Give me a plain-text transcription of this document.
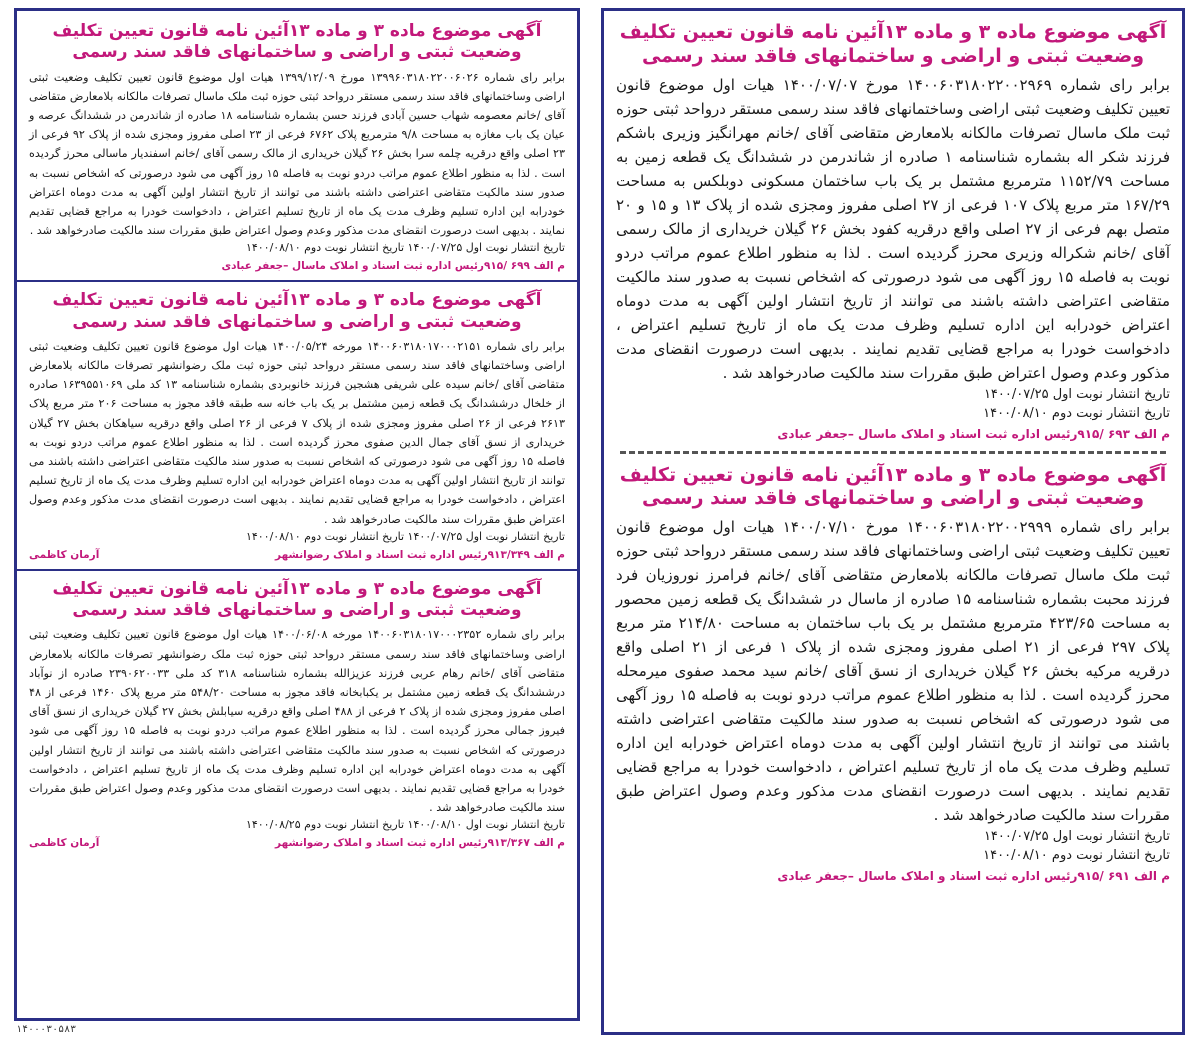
آگهی موضوع ماده ۳ و ماده ۱۳آئین نامه قانون تعیین تکلیف وضعیت ثبتی و اراضی و ساختمانهای فاقد سند رسمی

برابر رای شماره ۱۴۰۰۶۰۳۱۸۰۲۲۰۰۲۹۶۹ مورخ ۱۴۰۰/۰۷/۰۷ هیات اول موضوع قانون تعیین تکلیف وضعیت ثبتی اراضی وساختمانهای فاقد سند رسمی مستقر درواحد ثبتی حوزه ثبت ملک ماسال تصرفات مالکانه بلامعارض متقاضی آقای /خانم مهرانگیز وزیری باشکم فرزند شکر اله بشماره شناسنامه ۱ صادره از شاندرمن در ششدانگ یک قطعه زمین به مساحت ۱۱۵۲/۷۹ مترمربع مشتمل بر یک باب ساختمان مسکونی دوبلکس به مساحت ۱۶۷/۲۹ متر مربع پلاک ۱۰۷ فرعی از ۲۷ اصلی مفروز ومجزی شده از پلاک ۱۳ و ۱۵ و ۲۰ متصل بهم فرعی از ۲۷ اصلی واقع درقریه کفود بخش ۲۶ گیلان خریداری از مالک رسمی آقای /خانم شکراله وزیری محرز گردیده است . لذا به منظور اطلاع عموم مراتب دردو نوبت به فاصله ۱۵ روز آگهی می شود درصورتی که اشخاص نسبت به صدور سند مالکیت متقاضی اعتراضی داشته باشند می توانند از تاریخ انتشار اولین آگهی به مدت دوماه اعتراض خودرابه این اداره تسلیم وظرف مدت یک ماه از تاریخ تسلیم اعتراض ، دادخواست خودرا به مراجع قضایی تقدیم نمایند . بدیهی است درصورت انقضای مدت مذکور وعدم وصول اعتراض طبق مقررات سند مالکیت صادرخواهد شد .

تاریخ انتشار نوبت اول ۱۴۰۰/۰۷/۲۵

تاریخ انتشار نوبت دوم ۱۴۰۰/۰۸/۱۰

م الف ۶۹۳ /۹۱۵رئیس اداره ثبت اسناد و املاک ماسال –جعفر عبادی

آگهی موضوع ماده ۳ و ماده ۱۳آئین نامه قانون تعیین تکلیف وضعیت ثبتی و اراضی و ساختمانهای فاقد سند رسمی

برابر رای شماره ۱۴۰۰۶۰۳۱۸۰۲۲۰۰۲۹۹۹ مورخ ۱۴۰۰/۰۷/۱۰ هیات اول موضوع قانون تعیین تکلیف وضعیت ثبتی اراضی وساختمانهای فاقد سند رسمی مستقر درواحد ثبتی حوزه ثبت ملک ماسال تصرفات مالکانه بلامعارض متقاضی آقای /خانم فرامرز نوروزیان فرد فرزند محبت بشماره شناسنامه ۱۵ صادره از ماسال در ششدانگ یک قطعه زمین محصور به مساحت ۴۲۳/۶۵ مترمربع مشتمل بر یک باب ساختمان به مساحت ۲۱۴/۸۰ متر مربع پلاک ۲۹۷ فرعی از ۲۱ اصلی مفروز ومجزی شده از پلاک ۱ فرعی از ۲۱ اصلی واقع درقریه مرکیه بخش ۲۶ گیلان خریداری از نسق آقای /خانم سید محمد صفوی میرمحله محرز گردیده است . لذا به منظور اطلاع عموم مراتب دردو نوبت به فاصله ۱۵ روز آگهی می شود درصورتی که اشخاص نسبت به صدور سند مالکیت متقاضی اعتراضی داشته باشند می توانند از تاریخ انتشار اولین آگهی به مدت دوماه اعتراض خودرابه این اداره تسلیم وظرف مدت یک ماه از تاریخ تسلیم اعتراض ، دادخواست خودرا به مراجع قضایی تقدیم نمایند . بدیهی است درصورت انقضای مدت مذکور وعدم وصول اعتراض طبق مقررات سند مالکیت صادرخواهد شد .

تاریخ انتشار نوبت اول ۱۴۰۰/۰۷/۲۵

تاریخ انتشار نوبت دوم ۱۴۰۰/۰۸/۱۰

م الف ۶۹۱ /۹۱۵رئیس اداره ثبت اسناد و املاک ماسال –جعفر عبادی

آگهی موضوع ماده ۳ و ماده ۱۳آئین نامه قانون تعیین تکلیف وضعیت ثبتی و اراضی و ساختمانهای فاقد سند رسمی

برابر رای شماره ۱۳۹۹۶۰۳۱۸۰۲۲۰۰۶۰۲۶ مورخ ۱۳۹۹/۱۲/۰۹ هیات اول موضوع قانون تعیین تکلیف وضعیت ثبتی اراضی وساختمانهای فاقد سند رسمی مستقر درواحد ثبتی حوزه ثبت ملک ماسال تصرفات مالکانه بلامعارض متقاضی آقای /خانم معصومه شهاب حسین آبادی فرزند حسن بشماره شناسنامه ۱۸ صادره از شاندرمن در ششدانگ عرصه و عیان یک باب مغازه به مساحت ۹/۸ مترمربع پلاک ۶۷۶۲ فرعی از ۲۳ اصلی مفروز ومجزی شده از پلاک ۹۲ فرعی از ۲۳ اصلی واقع درقریه چلمه سرا بخش ۲۶ گیلان خریداری از مالک رسمی آقای /خانم اسفندیار ماسالی محرز گردیده است . لذا به منظور اطلاع عموم مراتب دردو نوبت به فاصله ۱۵ روز آگهی می شود درصورتی که اشخاص نسبت به صدور سند مالکیت متقاضی اعتراضی داشته باشند می توانند از تاریخ انتشار اولین آگهی به مدت دوماه اعتراض خودرابه این اداره تسلیم وظرف مدت یک ماه از تاریخ تسلیم اعتراض ، دادخواست خودرا به مراجع قضایی تقدیم نمایند . بدیهی است درصورت انقضای مدت مذکور وعدم وصول اعتراض طبق مقررات سند مالکیت صادرخواهد شد .

تاریخ انتشار نوبت اول ۱۴۰۰/۰۷/۲۵ تاریخ انتشار نوبت دوم ۱۴۰۰/۰۸/۱۰

م الف ۶۹۹ /۹۱۵رئیس اداره ثبت اسناد و املاک ماسال –جعفر عبادی

آگهی موضوع ماده ۳ و ماده ۱۳آئین نامه قانون تعیین تکلیف وضعیت ثبتی و اراضی و ساختمانهای فاقد سند رسمی

برابر رای شماره ۱۴۰۰۶۰۳۱۸۰۱۷۰۰۰۲۱۵۱ مورخه ۱۴۰۰/۰۵/۲۴ هیات اول موضوع قانون تعیین تکلیف وضعیت ثبتی اراضی وساختمانهای فاقد سند رسمی مستقر درواحد ثبتی حوزه ثبت ملک رضوانشهر تصرفات مالکانه بلامعارض متقاضی آقای /خانم سیده علی شریفی هشجین فرزند خانوبردی بشماره شناسنامه ۱۳ کد ملی ۱۶۳۹۵۵۱۰۶۹ صادره از خلخال درششدانگ یک قطعه زمین مشتمل بر یک باب خانه سه طبقه فاقد مجوز به مساحت ۲۰۶ متر مربع پلاک ۲۶۱۳ فرعی از ۲۶ اصلی مفروز ومجزی شده از پلاک ۷ فرعی از ۲۶ اصلی واقع درقریه سیاهکان بخش ۲۷ گیلان خریداری از نسق آقای جمال الدین صفوی محرز گردیده است . لذا به منظور اطلاع عموم مراتب دردو نوبت به فاصله ۱۵ روز آگهی می شود درصورتی که اشخاص نسبت به صدور سند مالکیت متقاضی اعتراضی داشته باشند می توانند از تاریخ انتشار اولین آگهی به مدت دوماه اعتراض خودرابه این اداره تسلیم وظرف مدت یک ماه از تاریخ تسلیم اعتراض ، دادخواست خودرا به مراجع قضایی تقدیم نمایند . بدیهی است درصورت انقضای مدت مذکور وعدم وصول اعتراض طبق مقررات سند مالکیت صادرخواهد شد .

تاریخ انتشار نوبت اول ۱۴۰۰/۰۷/۲۵ تاریخ انتشار نوبت دوم ۱۴۰۰/۰۸/۱۰

م الف ۹۱۳/۳۴۹رئیس اداره ثبت اسناد و املاک رضوانشهر
آرمان کاظمی

آگهی موضوع ماده ۳ و ماده ۱۳آئین نامه قانون تعیین تکلیف وضعیت ثبتی و اراضی و ساختمانهای فاقد سند رسمی

برابر رای شماره ۱۴۰۰۶۰۳۱۸۰۱۷۰۰۰۲۳۵۲ مورخه ۱۴۰۰/۰۶/۰۸ هیات اول موضوع قانون تعیین تکلیف وضعیت ثبتی اراضی وساختمانهای فاقد سند رسمی مستقر درواحد ثبتی حوزه ثبت ملک رضوانشهر تصرفات مالکانه بلامعارض متقاضی آقای /خانم رهام عربی فرزند عزیزالله بشماره شناسنامه ۳۱۸ کد ملی ۲۳۹۰۶۲۰۰۳۳ صادره از نوآباد درششدانگ یک قطعه زمین مشتمل بر یکبابخانه فاقد مجوز به مساحت ۵۴۸/۲۰ متر مربع پلاک ۱۴۶۰ فرعی از ۴۸ اصلی مفروز ومجزی شده از پلاک ۲ فرعی از ۴۸۸ اصلی واقع درقریه سیابلش بخش ۲۷ گیلان خریداری از نسق آقای فیروز جمالی محرز گردیده است . لذا به منظور اطلاع عموم مراتب دردو نوبت به فاصله ۱۵ روز آگهی می شود درصورتی که اشخاص نسبت به صدور سند مالکیت متقاضی اعتراضی داشته باشند می توانند از تاریخ انتشار اولین آگهی به مدت دوماه اعتراض خودرابه این اداره تسلیم وظرف مدت یک ماه از تاریخ تسلیم اعتراض ، دادخواست خودرا به مراجع قضایی تقدیم نمایند . بدیهی است درصورت انقضای مدت مذکور وعدم وصول اعتراض طبق مقررات سند مالکیت صادرخواهد شد .

تاریخ انتشار نوبت اول ۱۴۰۰/۰۸/۱۰ تاریخ انتشار نوبت دوم ۱۴۰۰/۰۸/۲۵

م الف ۹۱۳/۳۶۷رئیس اداره ثبت اسناد و املاک رضوانشهر
آرمان کاظمی
۱۴۰۰۰۳۰۵۸۳
